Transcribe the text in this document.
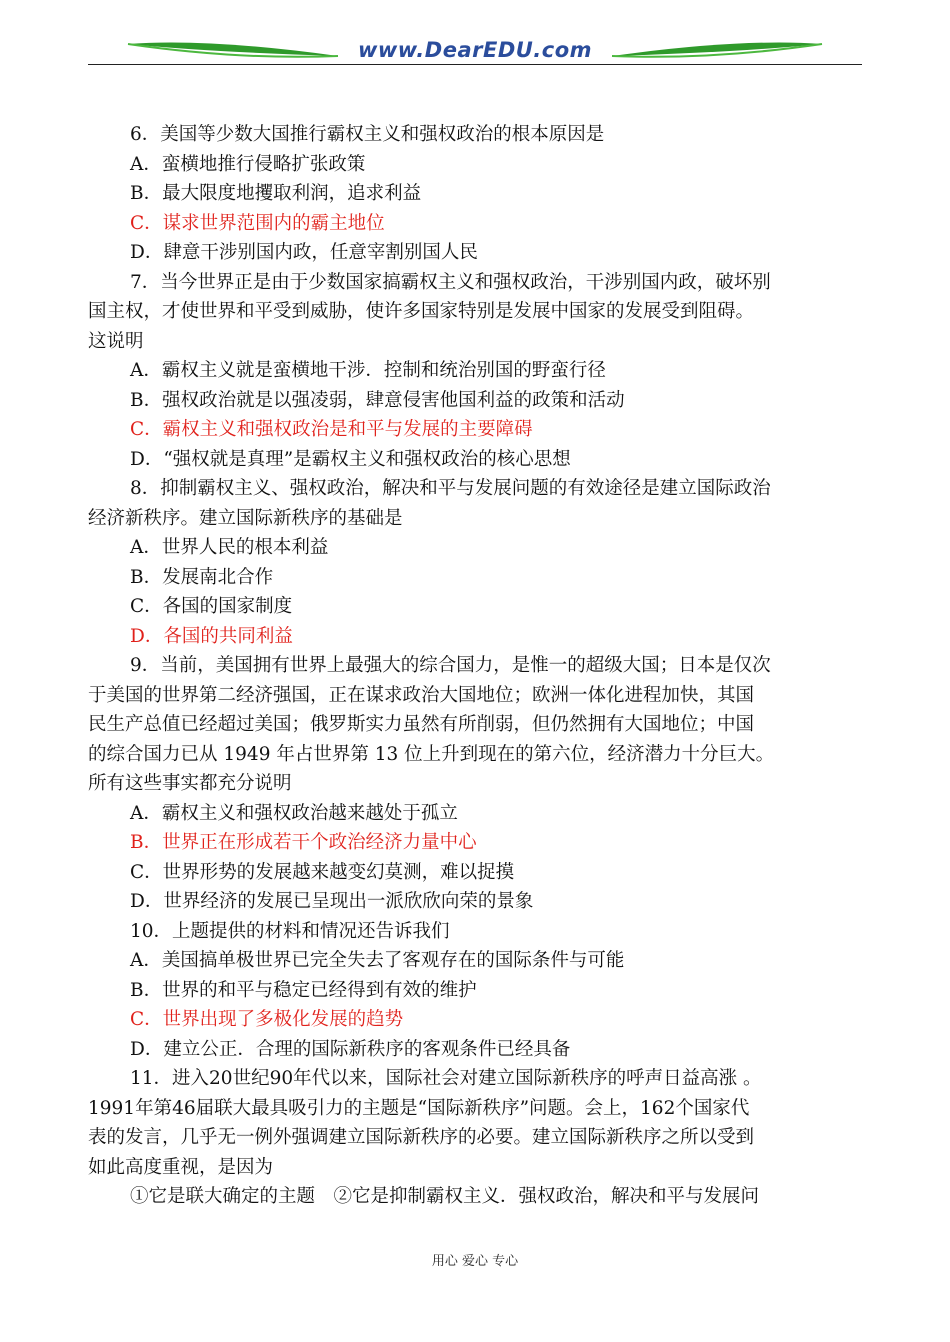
www.DearEDU.com
6．美国等少数大国推行霸权主义和强权政治的根本原因是
A．蛮横地推行侵略扩张政策
B．最大限度地攫取利润，追求利益
C．谋求世界范围内的霸主地位
D．肆意干涉别国内政，任意宰割别国人民
7．当今世界正是由于少数国家搞霸权主义和强权政治，干涉别国内政，破坏别
国主权，才使世界和平受到威胁，使许多国家特别是发展中国家的发展受到阻碍。
这说明
A．霸权主义就是蛮横地干涉．控制和统治别国的野蛮行径
B．强权政治就是以强凌弱，肆意侵害他国利益的政策和活动
C．霸权主义和强权政治是和平与发展的主要障碍
D．“强权就是真理”是霸权主义和强权政治的核心思想
8．抑制霸权主义、强权政治，解决和平与发展问题的有效途径是建立国际政治
经济新秩序。建立国际新秩序的基础是
A．世界人民的根本利益
B．发展南北合作
C．各国的国家制度
D．各国的共同利益
9．当前，美国拥有世界上最强大的综合国力，是惟一的超级大国；日本是仅次
于美国的世界第二经济强国，正在谋求政治大国地位；欧洲一体化进程加快，其国
民生产总值已经超过美国；俄罗斯实力虽然有所削弱，但仍然拥有大国地位；中国
的综合国力已从 1949 年占世界第 13 位上升到现在的第六位，经济潜力十分巨大。
所有这些事实都充分说明
A．霸权主义和强权政治越来越处于孤立
B．世界正在形成若干个政治经济力量中心
C．世界形势的发展越来越变幻莫测，难以捉摸
D．世界经济的发展已呈现出一派欣欣向荣的景象
10．上题提供的材料和情况还告诉我们
A．美国搞单极世界已完全失去了客观存在的国际条件与可能
B．世界的和平与稳定已经得到有效的维护
C．世界出现了多极化发展的趋势
D．建立公正．合理的国际新秩序的客观条件已经具备
11．进入20世纪90年代以来，国际社会对建立国际新秩序的呼声日益高涨 。
1991年第46届联大最具吸引力的主题是“国际新秩序”问题。会上，162个国家代
表的发言，几乎无一例外强调建立国际新秩序的必要。建立国际新秩序之所以受到
如此高度重视，是因为
①它是联大确定的主题　②它是抑制霸权主义．强权政治，解决和平与发展问
用心 爱心 专心
